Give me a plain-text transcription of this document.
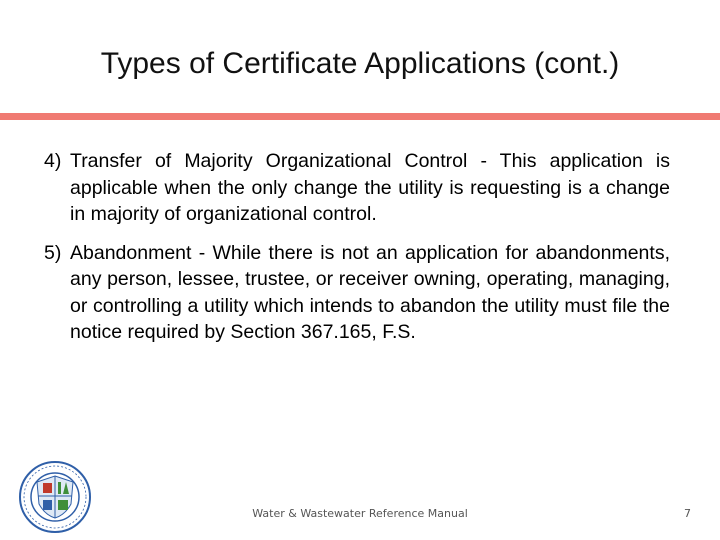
Types of Certificate Applications (cont.)
4) Transfer of Majority Organizational Control - This application is applicable when the only change the utility is requesting is a change in majority of organizational control.
5) Abandonment - While there is not an application for abandonments, any person, lessee, trustee, or receiver owning, operating, managing, or controlling a utility which intends to abandon the utility must file the notice required by Section 367.165, F.S.
Water & Wastewater Reference Manual	7
